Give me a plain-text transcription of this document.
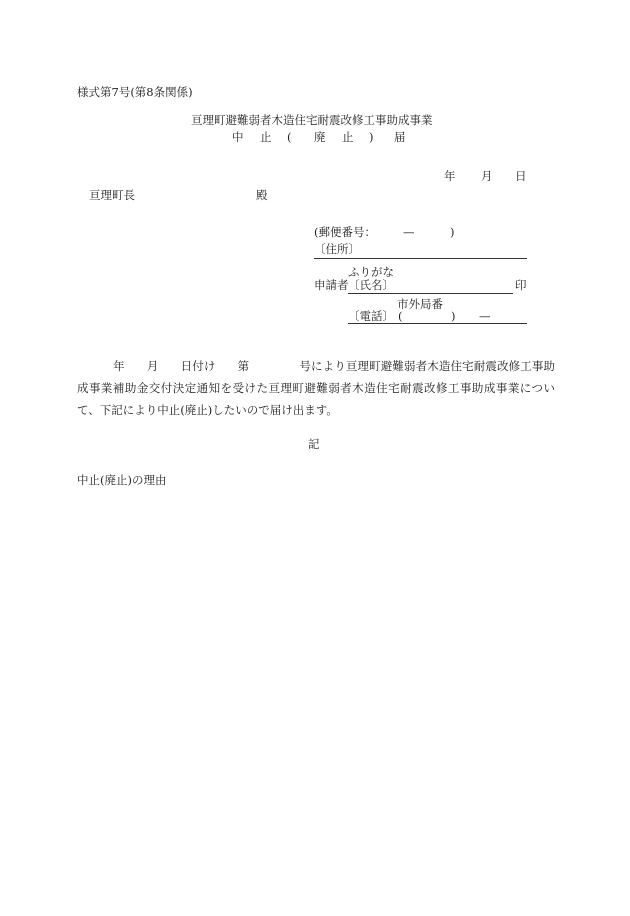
様式第7号(第8条関係)
亘理町避難弱者木造住宅耐震改修工事助成事業
中 止 ( 廃 止 ) 届
年 月 日
亘理町長	殿
(郵便番号： —	)
〔住所〕
ふりがな
申請者 〔氏名〕	印
市外局番
〔電話〕 (	) —
年 月 日付け 第	号により亘理町避難弱者木造住宅耐震改修工事助成事業補助金交付決定通知を受けた亘理町避難弱者木造住宅耐震改修工事助成事業について、下記により中止(廃止)したいので届け出ます。
記
中止(廃止)の理由
